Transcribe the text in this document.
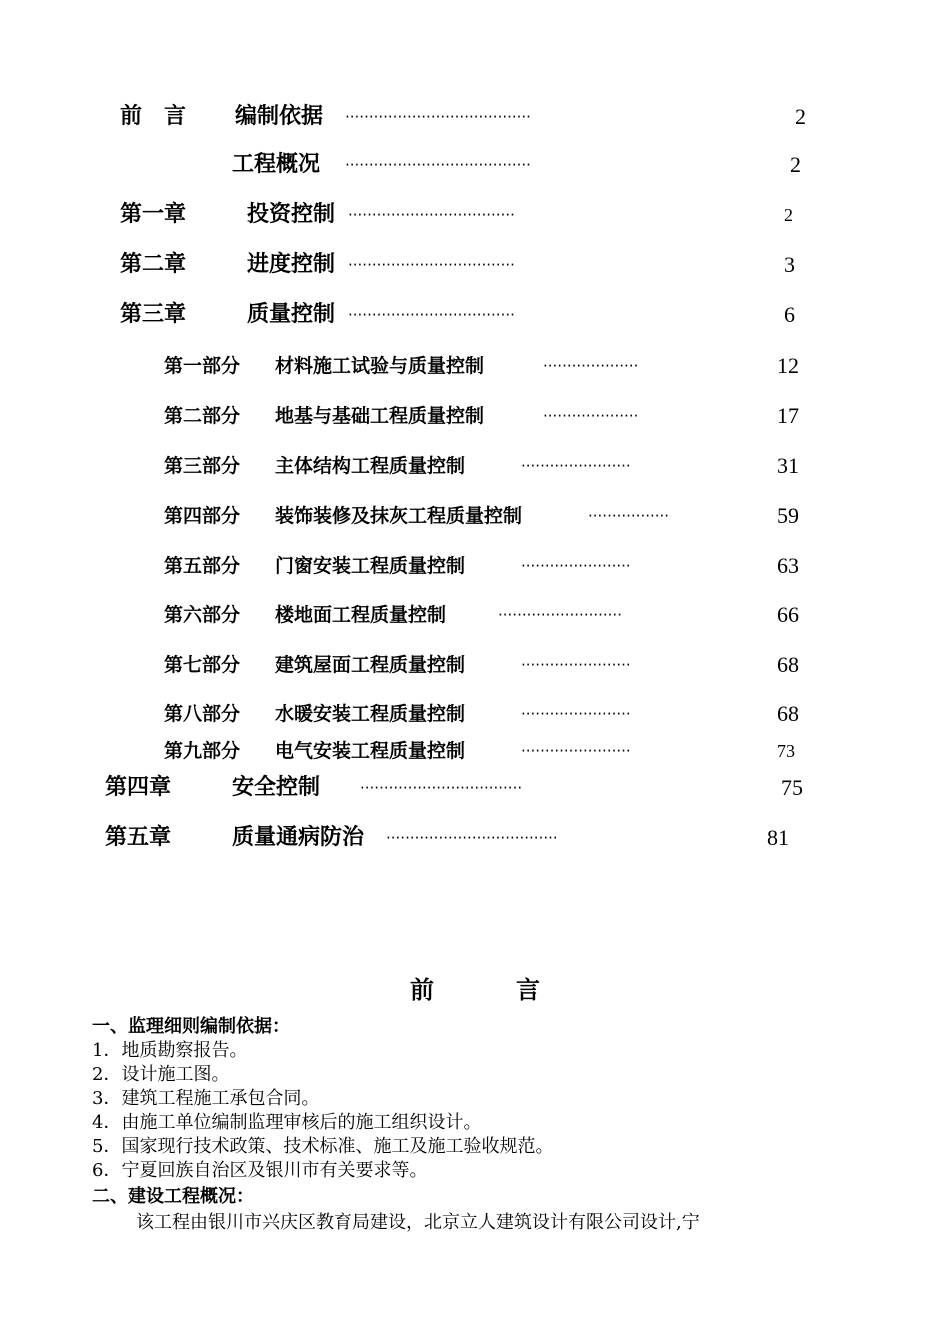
前　言 编制依据 ·······································	2
工程概况 ·······································	2
第一章	投资控制 ···································	2
第二章	进度控制 ···································	3
第三章	质量控制 ···································	6
第一部分 材料施工试验与质量控制	····················	12
第二部分 地基与基础工程质量控制	····················	17
第三部分 主体结构工程质量控制	·······················	31
第四部分 装饰装修及抹灰工程质量控制	·················	59
第五部分 门窗安装工程质量控制	·······················	63
第六部分 楼地面工程质量控制	··························	66
第七部分 建筑屋面工程质量控制	·······················	68
第八部分 水暖安装工程质量控制	·······················	68
第九部分 电气安装工程质量控制	·······················	73
第四章	安全控制	··································	75
第五章	质量通病防治 ····································	81
前	言
一、监理细则编制依据：
1．地质勘察报告。
2．设计施工图。
3．建筑工程施工承包合同。
4．由施工单位编制监理审核后的施工组织设计。
5．国家现行技术政策、技术标准、施工及施工验收规范。
6．宁夏回族自治区及银川市有关要求等。
二、建设工程概况：
该工程由银川市兴庆区教育局建设，北京立人建筑设计有限公司设计,宁
